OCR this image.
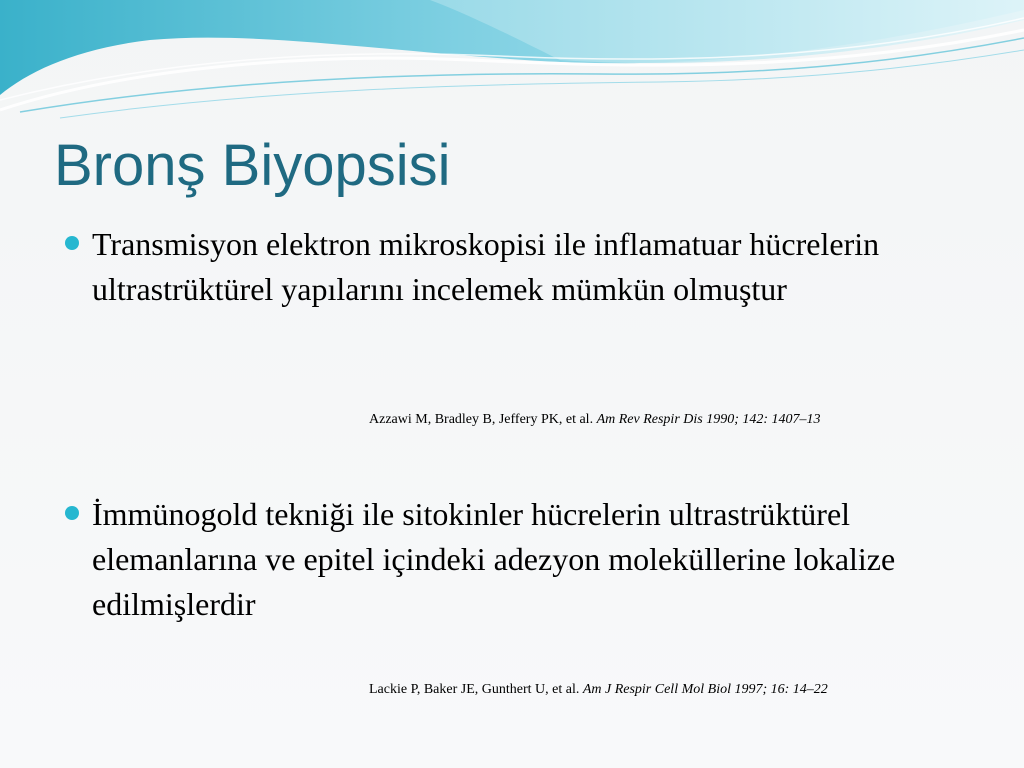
Bronş Biyopsisi

Transmisyon elektron mikroskopisi ile inflamatuar hücrelerin ultrastrüktürel yapılarını incelemek mümkün olmuştur

Azzawi M, Bradley B, Jeffery PK, et al. Am Rev Respir Dis 1990; 142: 1407–13

İmmünogold tekniği ile sitokinler hücrelerin ultrastrüktürel elemanlarına ve epitel içindeki adezyon moleküllerine lokalize edilmişlerdir

Lackie P, Baker JE, Gunthert U, et al. Am J Respir Cell Mol Biol 1997; 16: 14–22
